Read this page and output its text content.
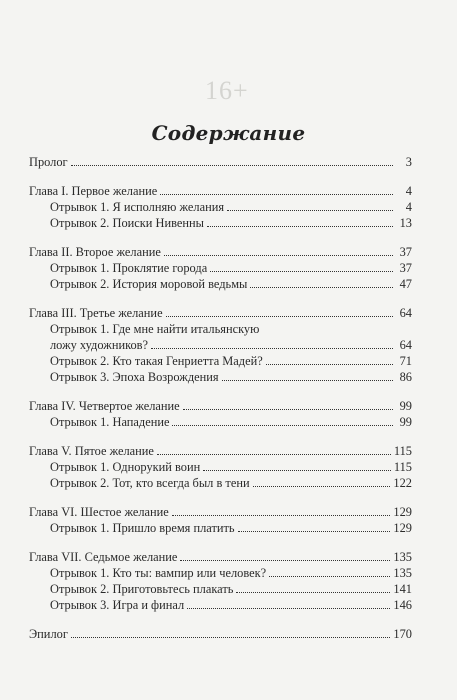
16+
Содержание
Пролог	3
Глава I. Первое желание	4
Отрывок 1. Я исполняю желания	4
Отрывок 2. Поиски Нивенны	13
Глава II. Второе желание	37
Отрывок 1. Проклятие города	37
Отрывок 2. История моровой ведьмы	47
Глава III. Третье желание	64
Отрывок 1. Где мне найти итальянскую
ложу художников?	64
Отрывок 2. Кто такая Генриетта Мадей?	71
Отрывок 3. Эпоха Возрождения	86
Глава IV. Четвертое желание	99
Отрывок 1. Нападение	99
Глава V. Пятое желание	115
Отрывок 1. Однорукий воин	115
Отрывок 2. Тот, кто всегда был в тени	122
Глава VI. Шестое желание	129
Отрывок 1. Пришло время платить	129
Глава VII. Седьмое желание	135
Отрывок 1. Кто ты: вампир или человек?	135
Отрывок 2. Приготовьтесь плакать	141
Отрывок 3. Игра и финал	146
Эпилог	170
